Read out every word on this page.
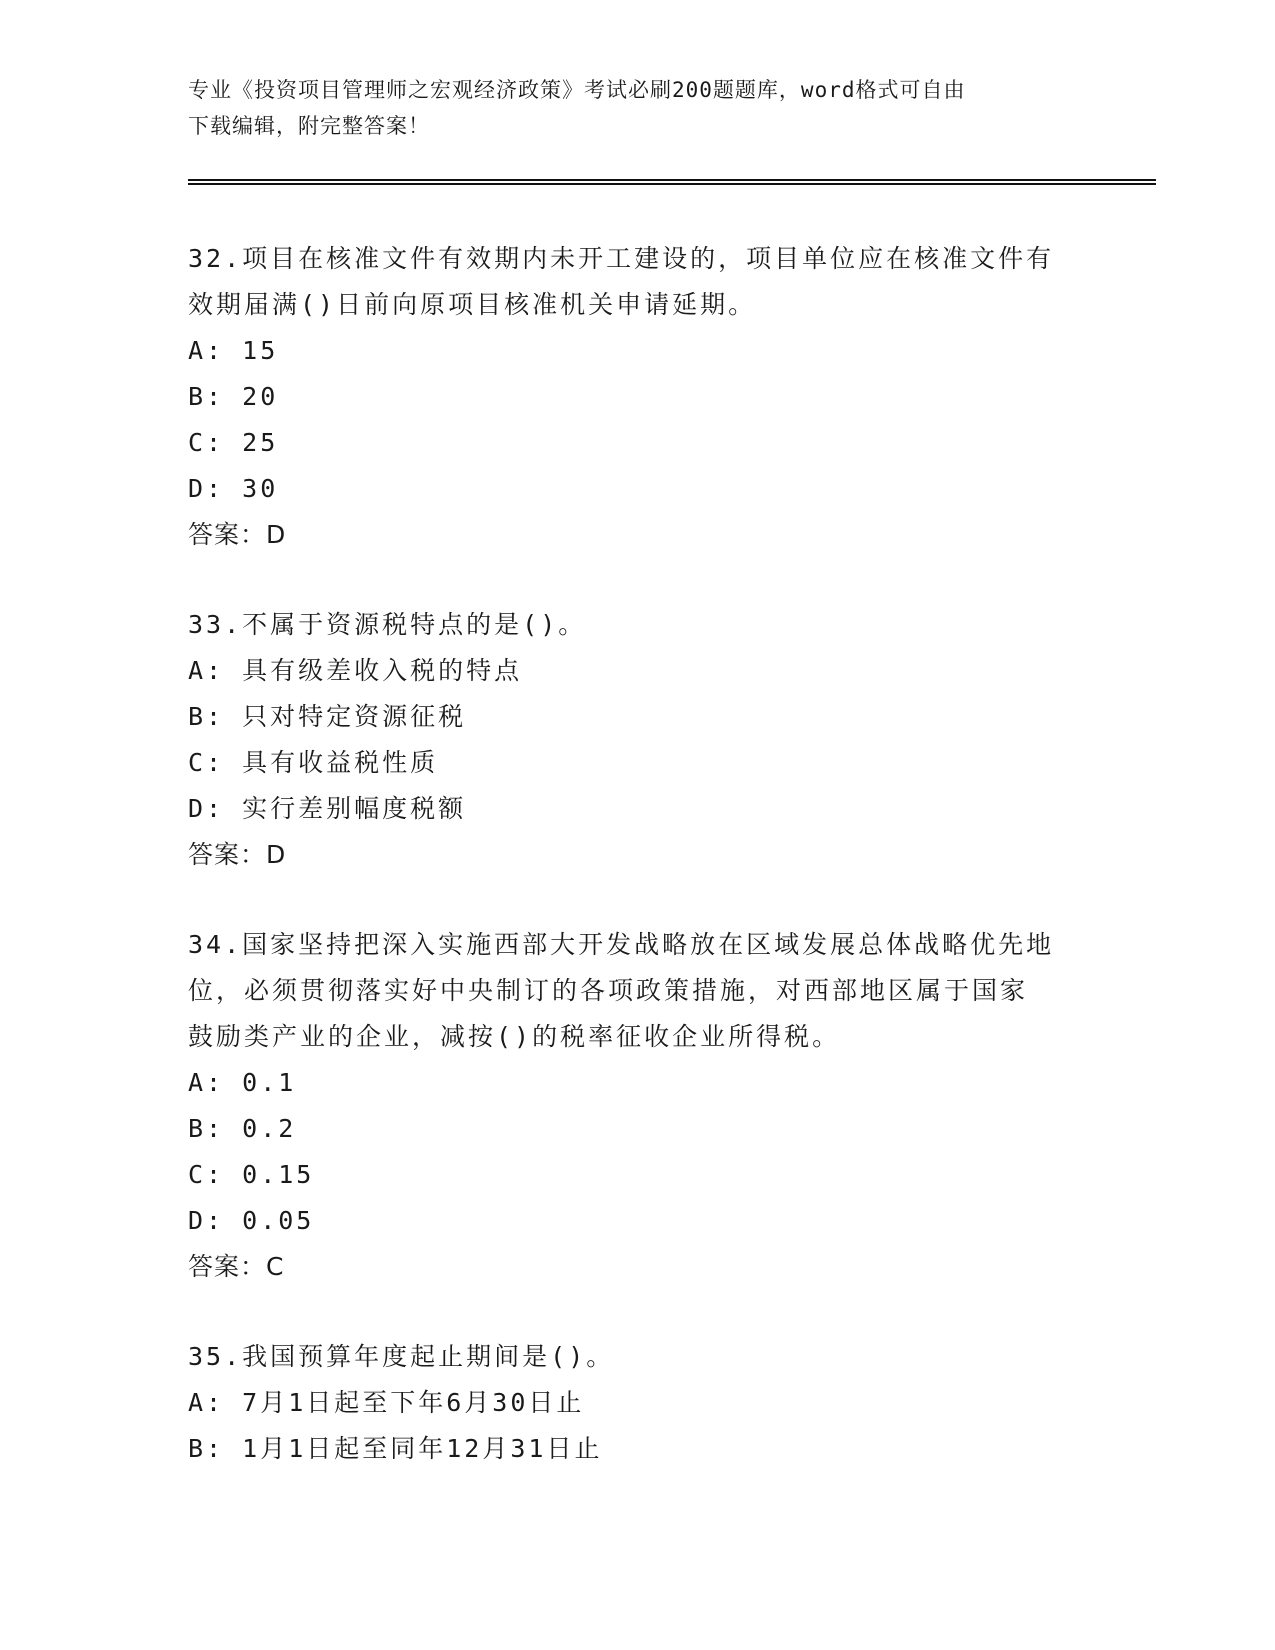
专业《投资项目管理师之宏观经济政策》考试必刷200题题库，word格式可自由
下载编辑，附完整答案！

32.项目在核准文件有效期内未开工建设的，项目单位应在核准文件有

效期届满()日前向原项目核准机关申请延期。

A: 15

B: 20

C: 25

D: 30

答案：D

33.不属于资源税特点的是()。

A: 具有级差收入税的特点

B: 只对特定资源征税

C: 具有收益税性质

D: 实行差别幅度税额

答案：D

34.国家坚持把深入实施西部大开发战略放在区域发展总体战略优先地

位，必须贯彻落实好中央制订的各项政策措施，对西部地区属于国家

鼓励类产业的企业，减按()的税率征收企业所得税。

A: 0.1

B: 0.2

C: 0.15

D: 0.05

答案：C

35.我国预算年度起止期间是()。

A: 7月1日起至下年6月30日止

B: 1月1日起至同年12月31日止
